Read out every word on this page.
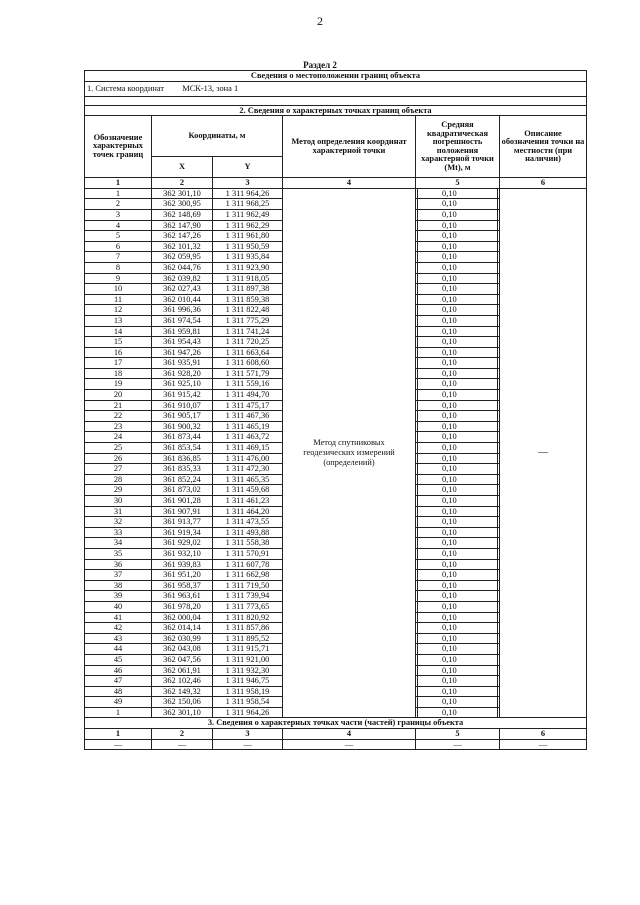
2
Раздел 2
Сведения о местоположении границ объекта					
1. Система координат МСК-13, зона 1					

2. Сведения о характерных точках границ объекта					
Обозначение характерных точек границ	Координаты, м		Метод определения координат характерной точки	Средняя квадратическая погрешность положения характерной точки (Mt), м	Описание обозначения точки на местности (при наличии)
	X	Y			
1	2	3	4	5	6
1	362 301,10	1 311 964,26	Метод спутниковых геодезических измерений (определений)	0,10	—
2	362 300,95	1 311 968,25		0,10	

3	362 148,69	1 311 962,49		0,10	

4	362 147,90	1 311 962,29		0,10	

5	362 147,26	1 311 961,80		0,10	

6	362 101,32	1 311 950,59		0,10	

7	362 059,95	1 311 935,84		0,10	

8	362 044,76	1 311 923,90		0,10	

9	362 039,82	1 311 918,05		0,10	

10	362 027,43	1 311 897,38		0,10	

11	362 010,44	1 311 859,38		0,10	

12	361 996,36	1 311 822,48		0,10	

13	361 974,54	1 311 775,29		0,10	

14	361 959,81	1 311 741,24		0,10	

15	361 954,43	1 311 720,25		0,10	

16	361 947,26	1 311 663,64		0,10	

17	361 935,91	1 311 608,60		0,10	

18	361 928,20	1 311 571,79		0,10	

19	361 925,10	1 311 559,16		0,10	

20	361 915,42	1 311 494,70		0,10	

21	361 910,07	1 311 475,17		0,10	

22	361 905,17	1 311 467,36		0,10	

23	361 900,32	1 311 465,19		0,10	

24	361 873,44	1 311 463,72		0,10	

25	361 853,54	1 311 469,15		0,10	

26	361 836,85	1 311 476,00		0,10	

27	361 835,33	1 311 472,30		0,10	

28	361 852,24	1 311 465,35		0,10	

29	361 873,02	1 311 459,68		0,10	

30	361 901,28	1 311 461,23		0,10	

31	361 907,91	1 311 464,20		0,10	

32	361 913,77	1 311 473,55		0,10	

33	361 919,34	1 311 493,88		0,10	

34	361 929,02	1 311 558,38		0,10	

35	361 932,10	1 311 570,91		0,10	

36	361 939,83	1 311 607,78		0,10	

37	361 951,20	1 311 662,98		0,10	

38	361 958,37	1 311 719,50		0,10	

39	361 963,61	1 311 739,94		0,10	

40	361 978,20	1 311 773,65		0,10	

41	362 000,04	1 311 820,92		0,10	

42	362 014,14	1 311 857,86		0,10	

43	362 030,99	1 311 895,52		0,10	

44	362 043,08	1 311 915,71		0,10	

45	362 047,56	1 311 921,00		0,10	

46	362 061,91	1 311 932,30		0,10	

47	362 102,46	1 311 946,75		0,10	

48	362 149,32	1 311 958,19		0,10	

49	362 150,06	1 311 958,54		0,10	

1	362 301,10	1 311 964,26		0,10	

3. Сведения о характерных точках части (частей) границы объекта					
1	2	3	4	5	6
—	—	—	—	—	—
